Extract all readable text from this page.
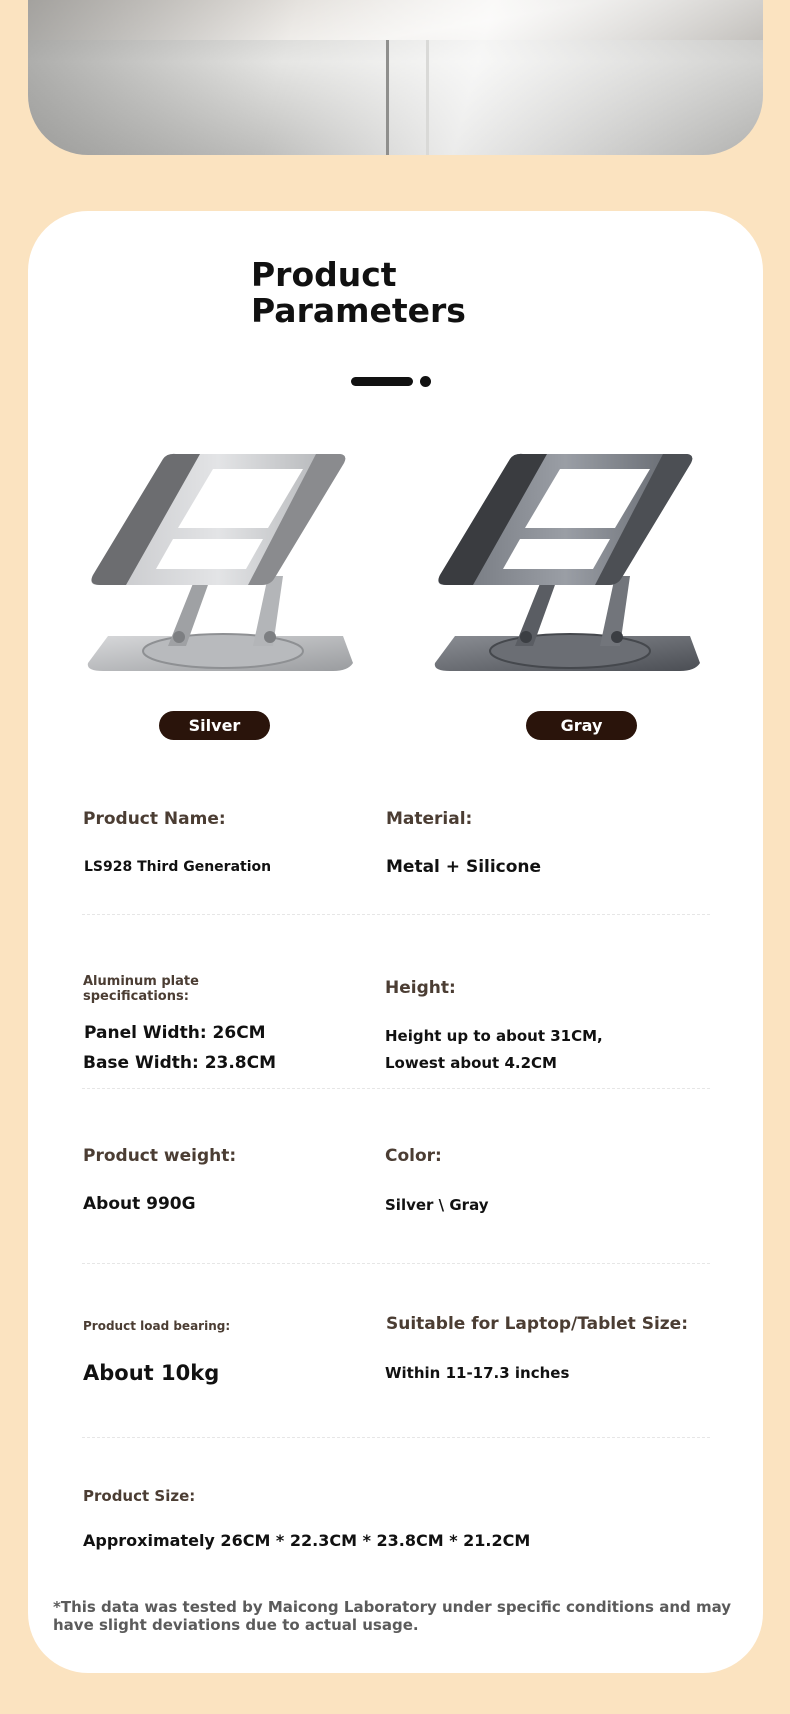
Product
Parameters
Silver	Gray
Product Name:
LS928 Third Generation
Material:
Metal + Silicone
Aluminum plate
specifications:
Panel Width: 26CM
Base Width: 23.8CM
Height:
Height up to about 31CM,
Lowest about 4.2CM
Product weight:
About 990G
Color:
Silver \ Gray
Product load bearing:
About 10kg
Suitable for Laptop/Tablet Size:
Within 11-17.3 inches
Product Size:
Approximately 26CM * 22.3CM * 23.8CM * 21.2CM
*This data was tested by Maicong Laboratory under specific conditions and may have slight deviations due to actual usage.
